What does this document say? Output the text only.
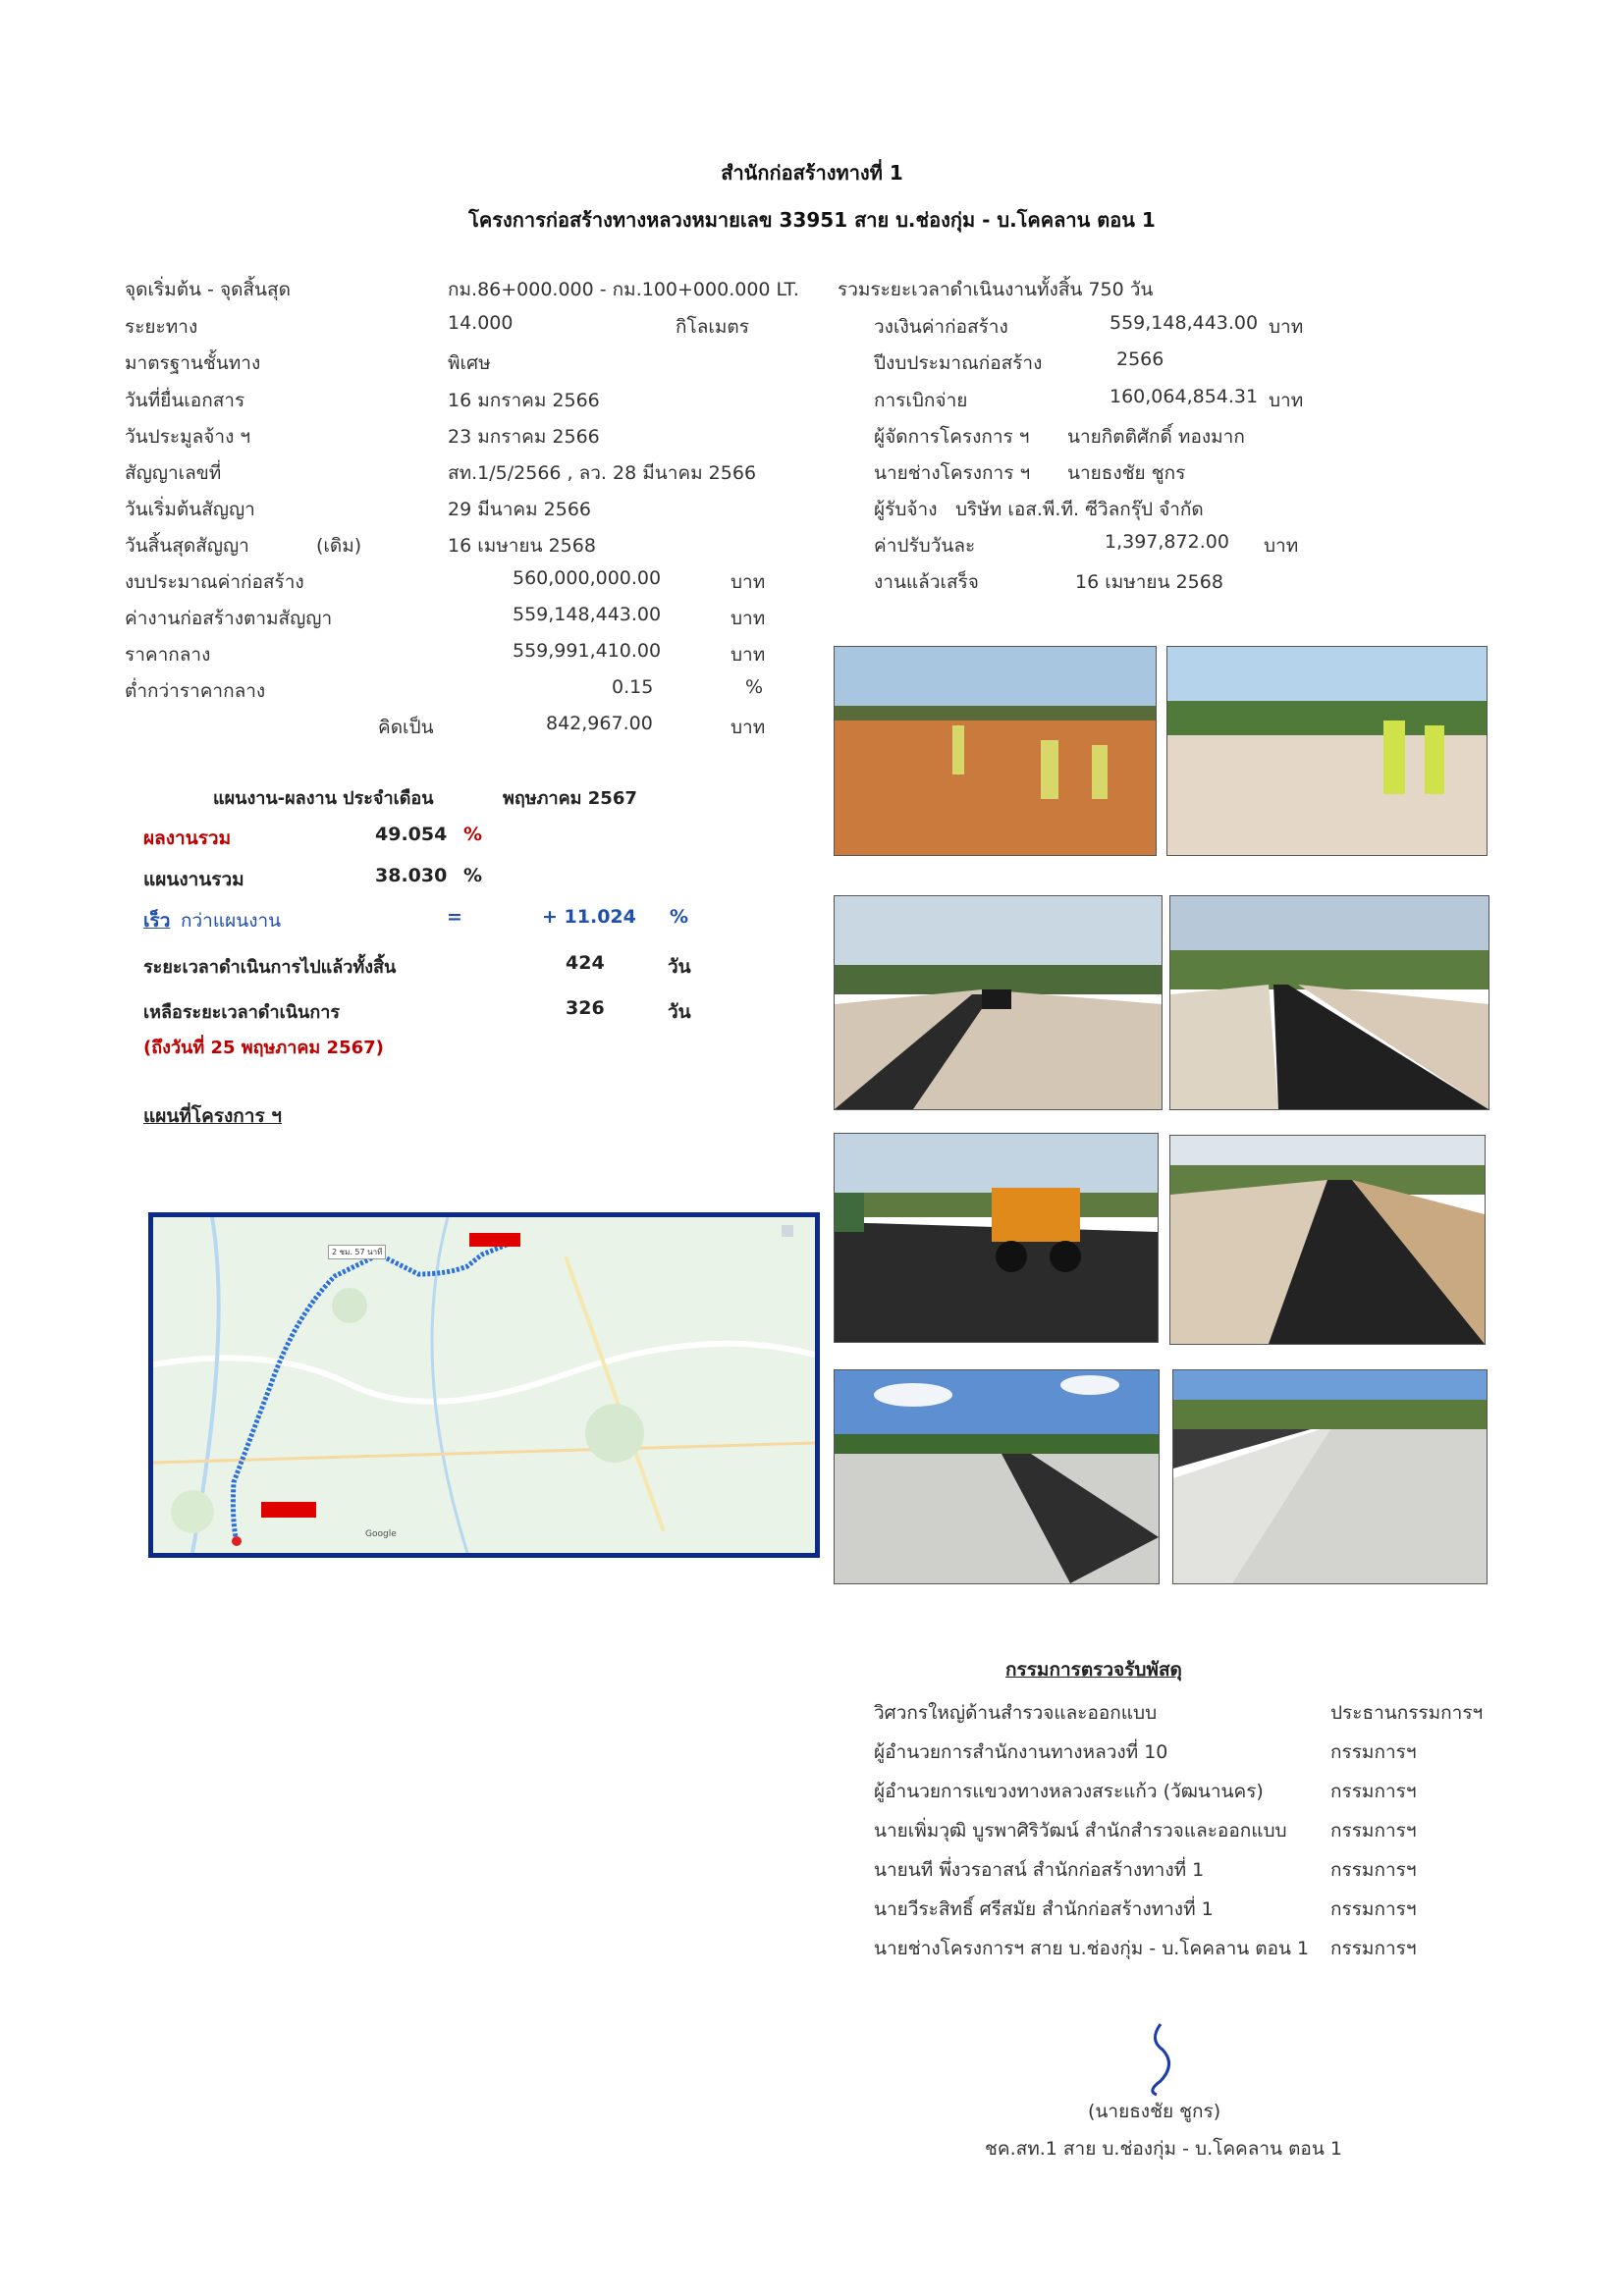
สำนักก่อสร้างทางที่ 1
โครงการก่อสร้างทางหลวงหมายเลข 33951 สาย บ.ช่องกุ่ม - บ.โคคลาน ตอน 1
จุดเริ่มต้น - จุดสิ้นสุด	กม.86+000.000 - กม.100+000.000 LT.
ระยะทาง	14.000	กิโลเมตร
มาตรฐานชั้นทาง	พิเศษ
วันที่ยื่นเอกสาร	16 มกราคม 2566
วันประมูลจ้าง ฯ	23 มกราคม 2566
สัญญาเลขที่	สท.1/5/2566 , ลว. 28 มีนาคม 2566
วันเริ่มต้นสัญญา	29 มีนาคม 2566
วันสิ้นสุดสัญญา	(เดิม)	16 เมษายน 2568
รวมระยะเวลาดำเนินงานทั้งสิ้น 750 วัน
วงเงินค่าก่อสร้าง	559,148,443.00 บาท
ปีงบประมาณก่อสร้าง	2566
การเบิกจ่าย	160,064,854.31 บาท
ผู้จัดการโครงการ ฯ นายกิตติศักดิ์ ทองมาก
นายช่างโครงการ ฯ นายธงชัย ชูกร
ผู้รับจ้าง บริษัท เอส.พี.ที. ซีวิลกรุ๊ป จำกัด
ค่าปรับวันละ	1,397,872.00 บาท
งานแล้วเสร็จ	16 เมษายน 2568
งบประมาณค่าก่อสร้าง	560,000,000.00	บาท
ค่างานก่อสร้างตามสัญญา	559,148,443.00	บาท
ราคากลาง	559,991,410.00	บาท
ต่ำกว่าราคากลาง	0.15	%
คิดเป็น	842,967.00	บาท
แผนงาน-ผลงาน ประจำเดือน	พฤษภาคม 2567
ผลงานรวม	49.054 %
แผนงานรวม	38.030 %
เร็ว กว่าแผนงาน	=	+ 11.024 %
ระยะเวลาดำเนินการไปแล้วทั้งสิ้น	424	วัน
เหลือระยะเวลาดำเนินการ	326	วัน
(ถึงวันที่ 25 พฤษภาคม 2567)
แผนที่โครงการ ฯ
2 ชม. 57 นาที
Google
กรรมการตรวจรับพัสดุ
วิศวกรใหญ่ด้านสำรวจและออกแบบ	ประธานกรรมการฯ
ผู้อำนวยการสำนักงานทางหลวงที่ 10	กรรมการฯ
ผู้อำนวยการแขวงทางหลวงสระแก้ว (วัฒนานคร)	กรรมการฯ
นายเพิ่มวุฒิ บูรพาศิริวัฒน์ สำนักสำรวจและออกแบบ กรรมการฯ
นายนที พึ่งวรอาสน์ สำนักก่อสร้างทางที่ 1	กรรมการฯ
นายวีระสิทธิ์ ศรีสมัย สำนักก่อสร้างทางที่ 1	กรรมการฯ
นายช่างโครงการฯ สาย บ.ช่องกุ่ม - บ.โคคลาน ตอน 1 กรรมการฯ
(นายธงชัย ชูกร)
ชค.สท.1 สาย บ.ช่องกุ่ม - บ.โคคลาน ตอน 1
